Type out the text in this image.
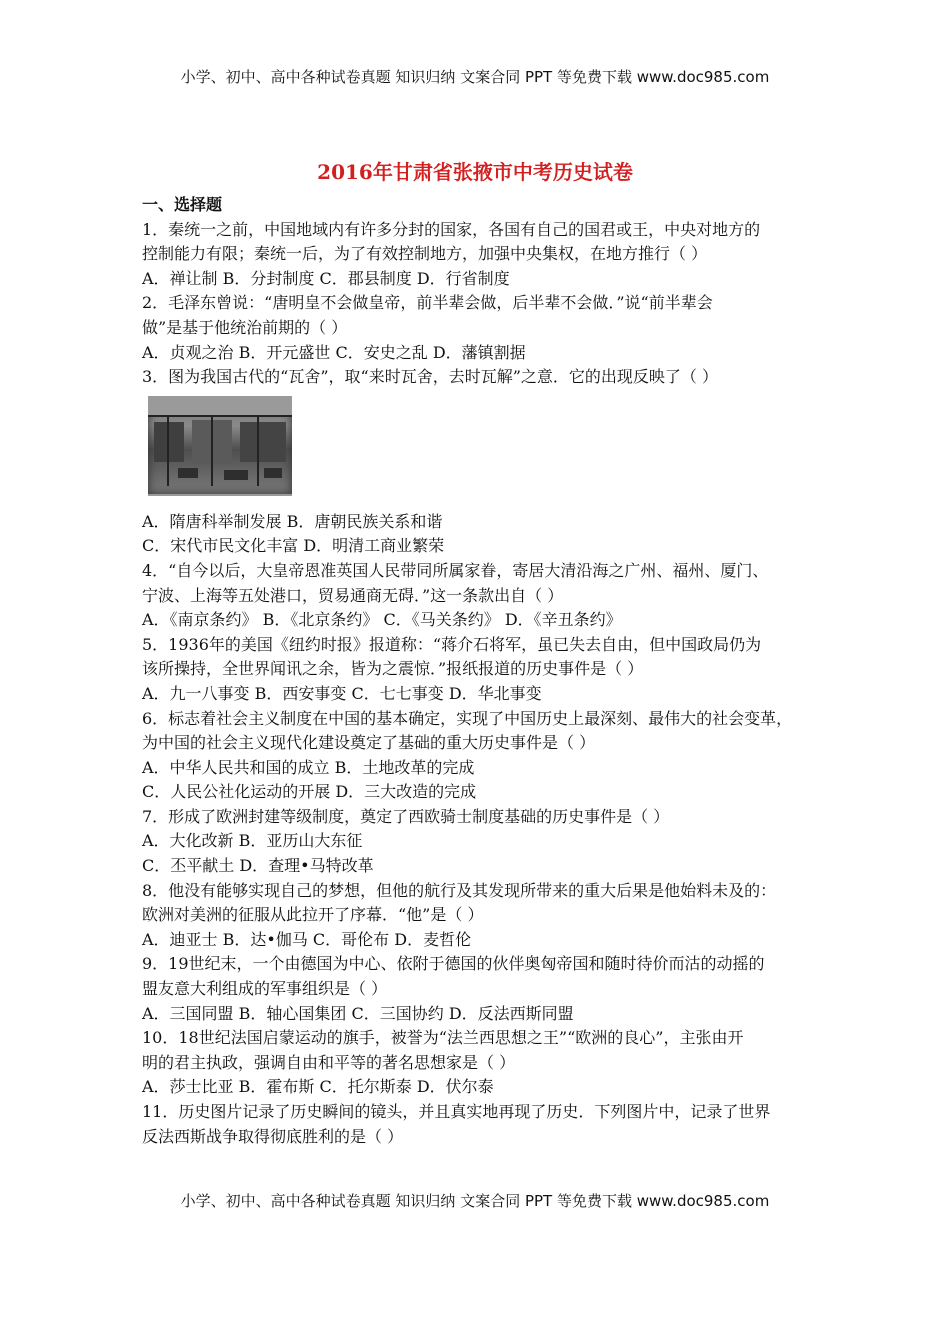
小学、初中、高中各种试卷真题 知识归纳 文案合同 PPT 等免费下载 www.doc985.com
2016年甘肃省张掖市中考历史试卷
一、选择题
1．秦统一之前，中国地域内有许多分封的国家，各国有自己的国君或王，中央对地方的
控制能力有限；秦统一后，为了有效控制地方，加强中央集权，在地方推行（ ）
A．禅让制 B．分封制度 C．郡县制度 D．行省制度
2．毛泽东曾说：“唐明皇不会做皇帝，前半辈会做，后半辈不会做．”说“前半辈会
做”是基于他统治前期的（ ）
A．贞观之治 B．开元盛世 C．安史之乱 D．藩镇割据
3．图为我国古代的“瓦舍”，取“来时瓦舍，去时瓦解”之意．它的出现反映了（ ）
A．隋唐科举制发展 B．唐朝民族关系和谐
C．宋代市民文化丰富 D．明清工商业繁荣
4．“自今以后，大皇帝恩准英国人民带同所属家眷，寄居大清沿海之广州、福州、厦门、
宁波、上海等五处港口，贸易通商无碍．”这一条款出自（ ）
A．《南京条约》 B．《北京条约》 C．《马关条约》 D．《辛丑条约》
5．1936年的美国《纽约时报》报道称：“蒋介石将军，虽已失去自由，但中国政局仍为
该所操持，全世界闻讯之余，皆为之震惊．”报纸报道的历史事件是（ ）
A．九一八事变 B．西安事变 C．七七事变 D．华北事变
6．标志着社会主义制度在中国的基本确定，实现了中国历史上最深刻、最伟大的社会变革，
为中国的社会主义现代化建设奠定了基础的重大历史事件是（ ）
A．中华人民共和国的成立 B．土地改革的完成
C．人民公社化运动的开展 D．三大改造的完成
7．形成了欧洲封建等级制度，奠定了西欧骑士制度基础的历史事件是（ ）
A．大化改新 B．亚历山大东征
C．丕平献土 D．查理•马特改革
8．他没有能够实现自己的梦想，但他的航行及其发现所带来的重大后果是他始料未及的：
欧洲对美洲的征服从此拉开了序幕．“他”是（ ）
A．迪亚士 B．达•伽马 C．哥伦布 D．麦哲伦
9．19世纪末，一个由德国为中心、依附于德国的伙伴奥匈帝国和随时待价而沽的动摇的
盟友意大利组成的军事组织是（ ）
A．三国同盟 B．轴心国集团 C．三国协约 D．反法西斯同盟
10．18世纪法国启蒙运动的旗手，被誉为“法兰西思想之王”“欧洲的良心”，主张由开
明的君主执政，强调自由和平等的著名思想家是（ ）
A．莎士比亚 B．霍布斯 C．托尔斯泰 D．伏尔泰
11．历史图片记录了历史瞬间的镜头，并且真实地再现了历史．下列图片中，记录了世界
反法西斯战争取得彻底胜利的是（ ）
小学、初中、高中各种试卷真题 知识归纳 文案合同 PPT 等免费下载 www.doc985.com
